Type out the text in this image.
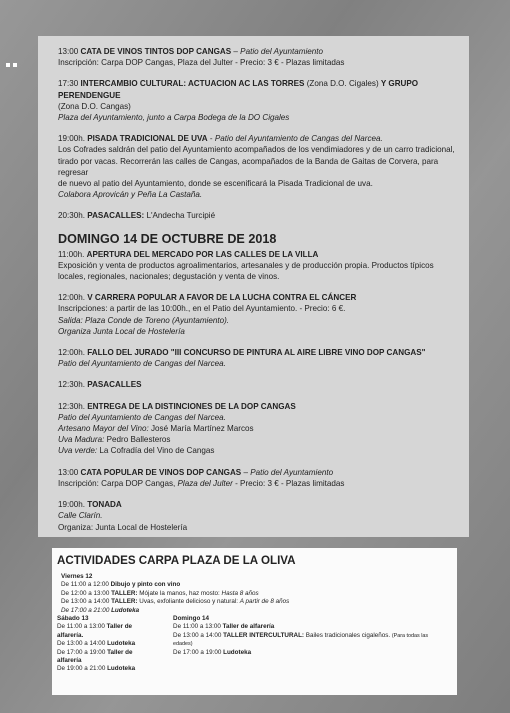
13:00 CATA DE VINOS TINTOS DOP CANGAS – Patio del Ayuntamiento

Inscripción: Carpa DOP Cangas, Plaza del Julter - Precio: 3 € - Plazas limitadas

17:30 INTERCAMBIO CULTURAL: ACTUACION AC LAS TORRES (Zona D.O. Cigales) Y GRUPO PERENDENGUE

(Zona D.O. Cangas)

Plaza del Ayuntamiento, junto a Carpa Bodega de la DO Cigales

19:00h. PISADA TRADICIONAL DE UVA - Patio del Ayuntamiento de Cangas del Narcea.

Los Cofrades saldrán del patio del Ayuntamiento acompañados de los vendimiadores y de un carro tradicional,

tirado por vacas. Recorrerán las calles de Cangas, acompañados de la Banda de Gaitas de Corvera, para regresar

de nuevo al patio del Ayuntamiento, donde se escenificará la Pisada Tradicional de uva.

Colabora Aprovicán y Peña La Castaña.

20:30h. PASACALLES: L'Andecha Turcipié

DOMINGO 14 DE OCTUBRE DE 2018

11:00h. APERTURA DEL MERCADO POR LAS CALLES DE LA VILLA

Exposición y venta de productos agroalimentarios, artesanales y de producción propia. Productos típicos

locales, regionales, nacionales; degustación y venta de vinos.

12:00h. V CARRERA POPULAR A FAVOR DE LA LUCHA CONTRA EL CÁNCER

Inscripciones: a partir de las 10:00h., en el Patio del Ayuntamiento. - Precio: 6 €.

Salida: Plaza Conde de Toreno (Ayuntamiento).

Organiza Junta Local de Hostelería

12:00h. FALLO DEL JURADO "III CONCURSO DE PINTURA AL AIRE LIBRE VINO DOP CANGAS"

Patio del Ayuntamiento de Cangas del Narcea.

12:30h. PASACALLES

12:30h. ENTREGA DE LA DISTINCIONES DE LA DOP CANGAS

Patio del Ayuntamiento de Cangas del Narcea.

Artesano Mayor del Vino: José María Martínez Marcos

Uva Madura: Pedro Ballesteros

Uva verde: La Cofradía del Vino de Cangas

13:00 CATA POPULAR DE VINOS DOP CANGAS – Patio del Ayuntamiento

Inscripción: Carpa DOP Cangas, Plaza del Julter - Precio: 3 € - Plazas limitadas

19:00h. TONADA

Calle Clarín.

Organiza: Junta Local de Hostelería

ACTIVIDADES CARPA PLAZA DE LA OLIVA
Viernes 12
De 11:00 a 12:00 Dibujo y pinto con vino
De 12:00 a 13:00 TALLER: Mójate la manos, haz mosto: Hasta 8 años
De 13:00 a 14:00 TALLER: Uvas, exfoliante delicioso y natural: A partir de 8 años
De 17:00 a 21:00 Ludoteka
Sábado 13
De 11:00 a 13:00 Taller de alfarería.
De 13:00 a 14:00 Ludoteka
De 17:00 a 19:00 Taller de alfarería
De 19:00 a 21:00 Ludoteka
Domingo 14
De 11:00 a 13:00 Taller de alfarería
De 13:00 a 14:00 TALLER INTERCULTURAL: Bailes tradicionales cigaleños. (Para todas las edades)
De 17:00 a 19:00 Ludoteka
